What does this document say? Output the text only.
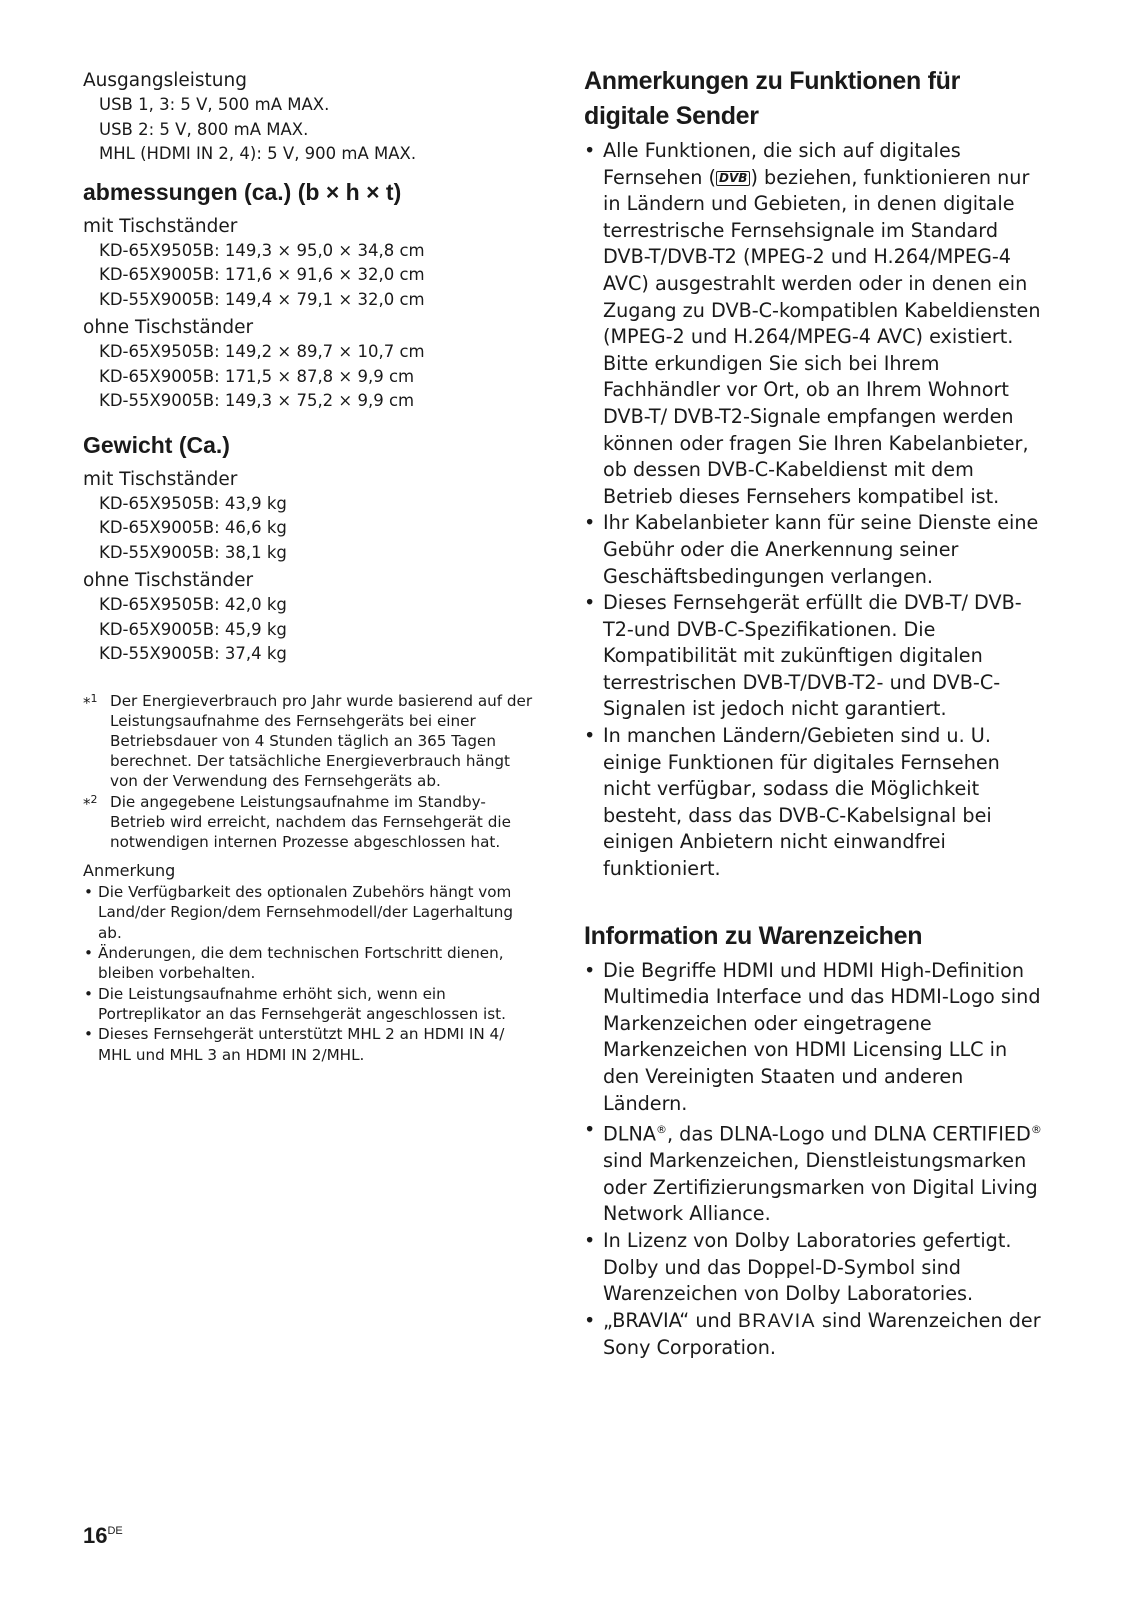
Ausgangsleistung
USB 1, 3: 5 V, 500 mA MAX.
USB 2: 5 V, 800 mA MAX.
MHL (HDMI IN 2, 4): 5 V, 900 mA MAX.
abmessungen (ca.) (b × h × t)
mit Tischständer
KD-65X9505B: 149,3 × 95,0 × 34,8 cm
KD-65X9005B: 171,6 × 91,6 × 32,0 cm
KD-55X9005B: 149,4 × 79,1 × 32,0 cm
ohne Tischständer
KD-65X9505B: 149,2 × 89,7 × 10,7 cm
KD-65X9005B: 171,5 × 87,8 × 9,9 cm
KD-55X9005B: 149,3 × 75,2 × 9,9 cm
Gewicht (Ca.)
mit Tischständer
KD-65X9505B: 43,9 kg
KD-65X9005B: 46,6 kg
KD-55X9005B: 38,1 kg
ohne Tischständer
KD-65X9505B: 42,0 kg
KD-65X9005B: 45,9 kg
KD-55X9005B: 37,4 kg
*$^1$ Der Energieverbrauch pro Jahr wurde basierend auf der Leistungsaufnahme des Fernsehgeräts bei einer Betriebsdauer von 4 Stunden täglich an 365 Tagen berechnet. Der tatsächliche Energieverbrauch hängt von der Verwendung des Fernsehgeräts ab.
*$^2$ Die angegebene Leistungsaufnahme im Standby-Betrieb wird erreicht, nachdem das Fernsehgerät die notwendigen internen Prozesse abgeschlossen hat.
Anmerkung
• Die Verfügbarkeit des optionalen Zubehörs hängt vom Land/der Region/dem Fernsehmodell/der Lagerhaltung ab.
• Änderungen, die dem technischen Fortschritt dienen, bleiben vorbehalten.
• Die Leistungsaufnahme erhöht sich, wenn ein Portreplikator an das Fernsehgerät angeschlossen ist.
• Dieses Fernsehgerät unterstützt MHL 2 an HDMI IN 4/ MHL und MHL 3 an HDMI IN 2/MHL.
Anmerkungen zu Funktionen für digitale Sender
• Alle Funktionen, die sich auf digitales Fernsehen ( DVB ) beziehen, funktionieren nur in Ländern und Gebieten, in denen digitale terrestrische Fernsehsignale im Standard DVB-T/DVB-T2 (MPEG-2 und H.264/MPEG-4 AVC) ausgestrahlt werden oder in denen ein Zugang zu DVB-C-kompatiblen Kabeldiensten (MPEG-2 und H.264/MPEG-4 AVC) existiert. Bitte erkundigen Sie sich bei Ihrem Fachhändler vor Ort, ob an Ihrem Wohnort DVB-T/ DVB-T2-Signale empfangen werden können oder fragen Sie Ihren Kabelanbieter, ob dessen DVB-C-Kabeldienst mit dem Betrieb dieses Fernsehers kompatibel ist.
• Ihr Kabelanbieter kann für seine Dienste eine Gebühr oder die Anerkennung seiner Geschäftsbedingungen verlangen.
• Dieses Fernsehgerät erfüllt die DVB-T/ DVB-T2-und DVB-C-Spezifikationen. Die Kompatibilität mit zukünftigen digitalen terrestrischen DVB-T/DVB-T2- und DVB-C-Signalen ist jedoch nicht garantiert.
• In manchen Ländern/Gebieten sind u. U. einige Funktionen für digitales Fernsehen nicht verfügbar, sodass die Möglichkeit besteht, dass das DVB-C-Kabelsignal bei einigen Anbietern nicht einwandfrei funktioniert.
Information zu Warenzeichen
• Die Begriffe HDMI und HDMI High-Definition Multimedia Interface und das HDMI-Logo sind Markenzeichen oder eingetragene Markenzeichen von HDMI Licensing LLC in den Vereinigten Staaten und anderen Ländern.
• DLNA®, das DLNA-Logo und DLNA CERTIFIED® sind Markenzeichen, Dienstleistungsmarken oder Zertifizierungsmarken von Digital Living Network Alliance.
• In Lizenz von Dolby Laboratories gefertigt. Dolby und das Doppel-D-Symbol sind Warenzeichen von Dolby Laboratories.
• „BRAVIA“ und BRAVIA sind Warenzeichen der Sony Corporation.
16DE
